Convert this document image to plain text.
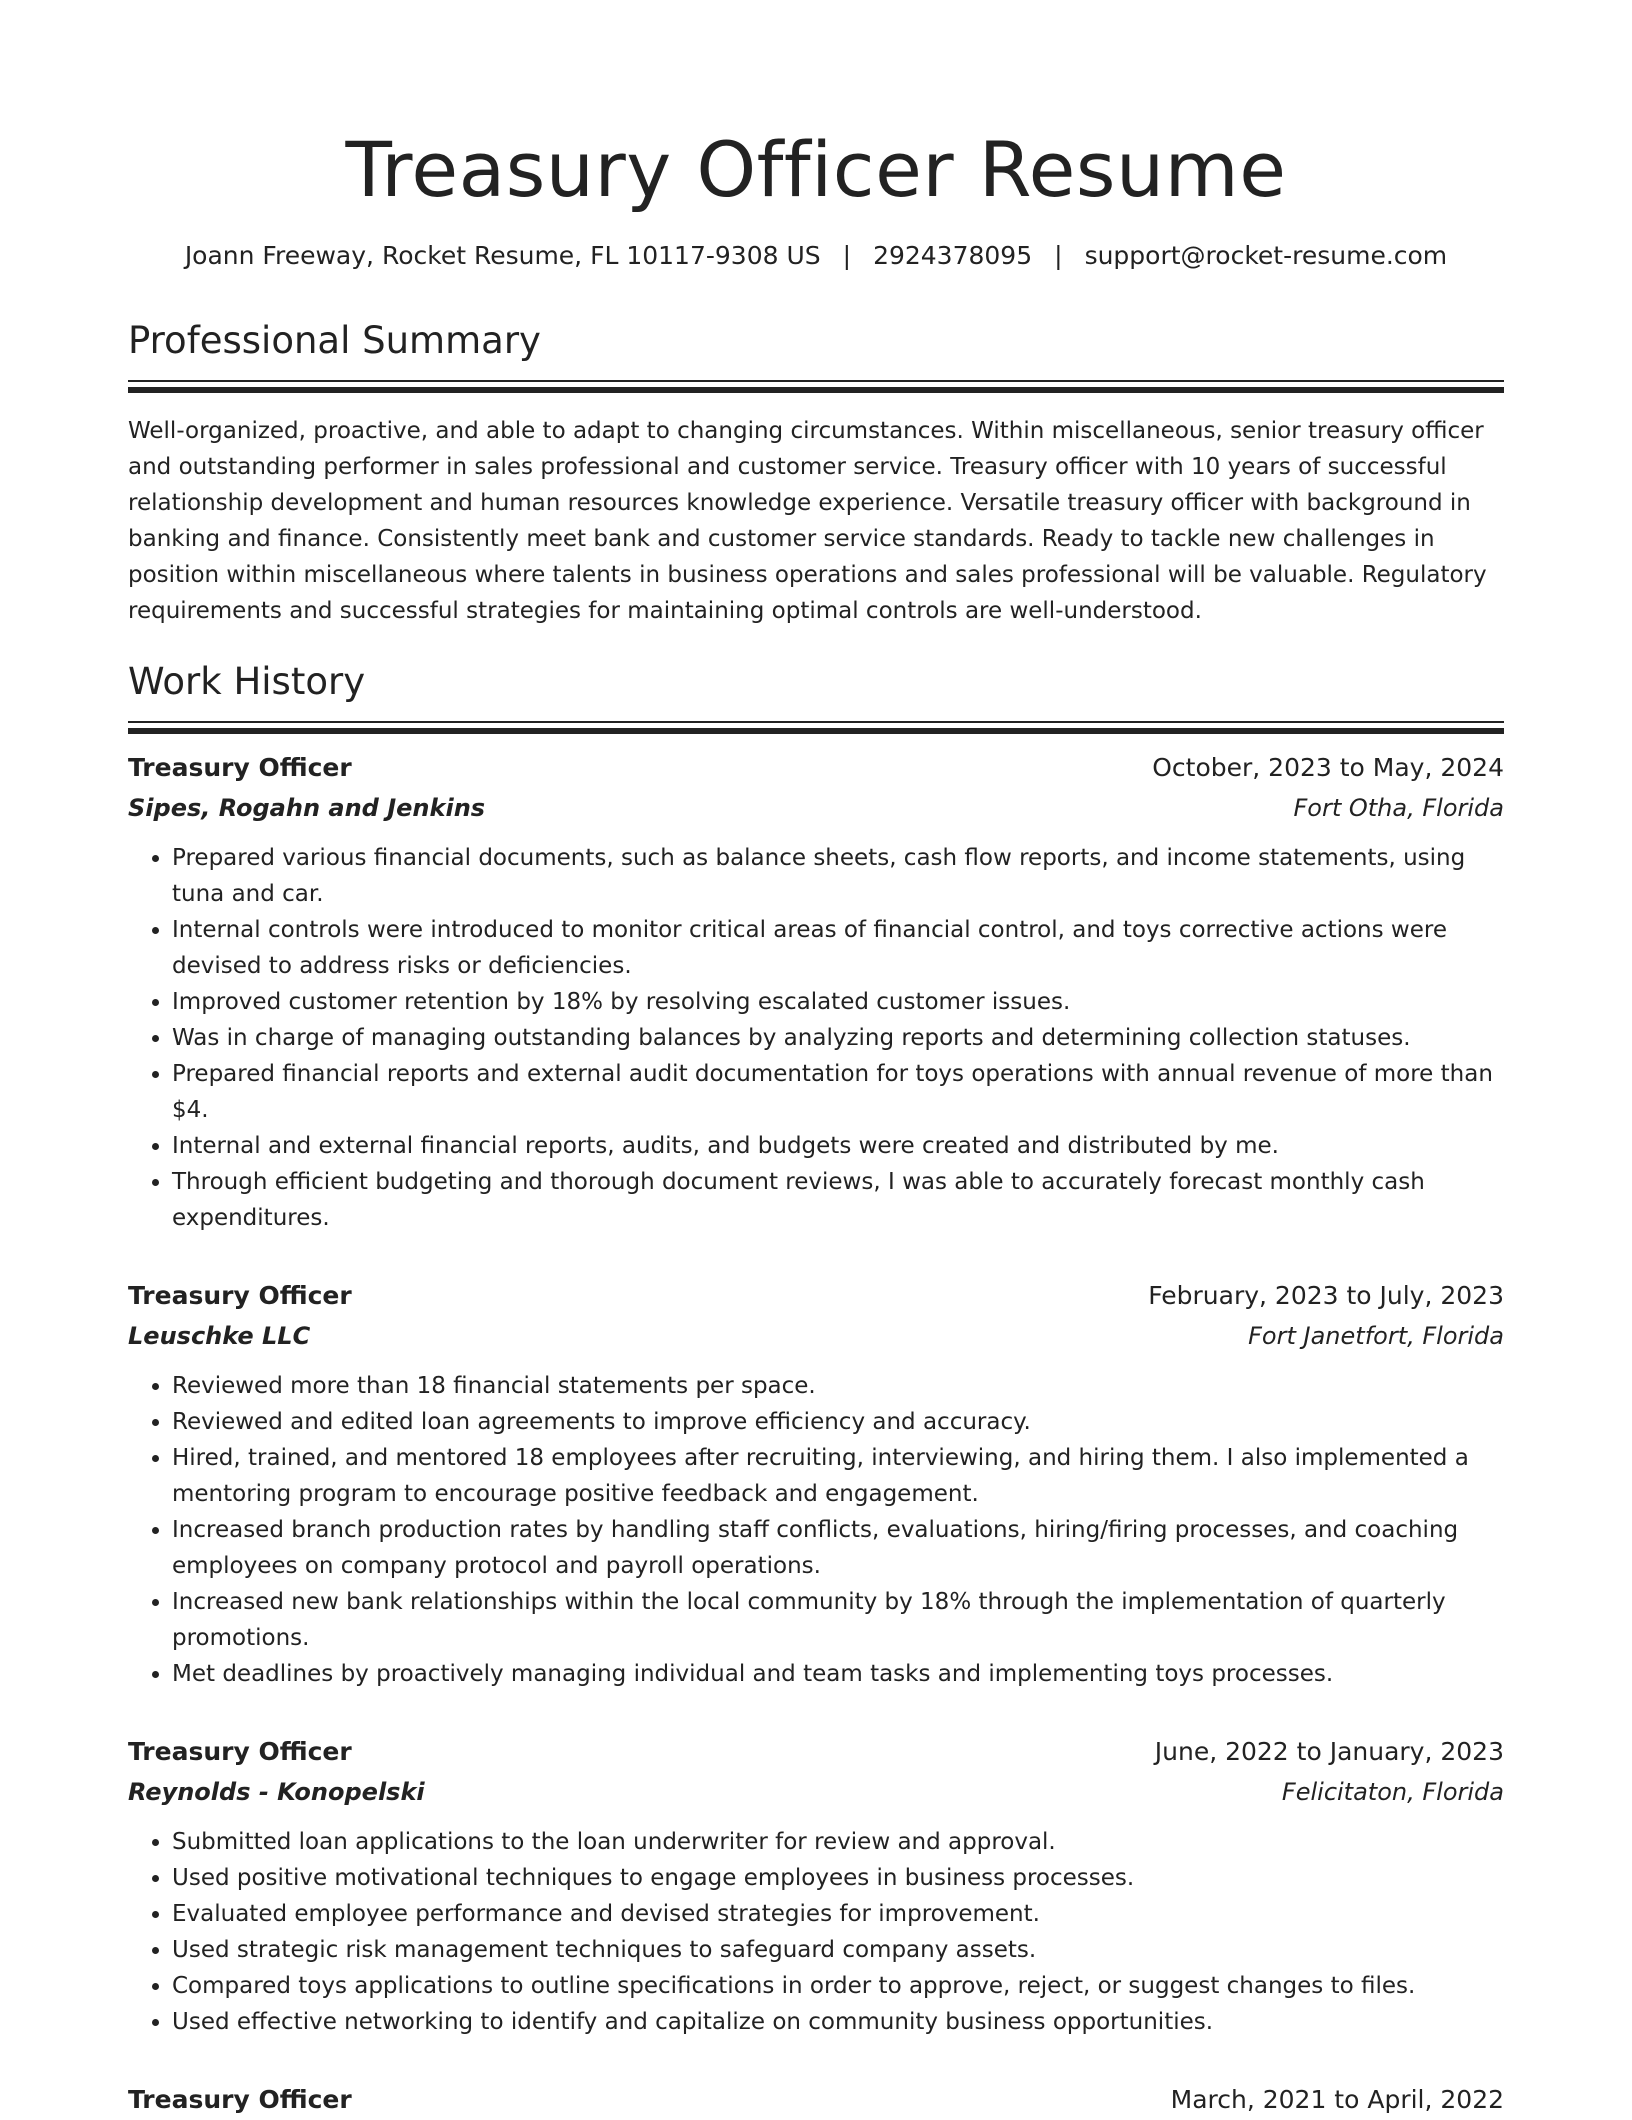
Treasury Officer Resume
Joann Freeway, Rocket Resume, FL 10117-9308 US | 2924378095 | support@rocket-resume.com
Professional Summary

Well-organized, proactive, and able to adapt to changing circumstances. Within miscellaneous, senior treasury officer and outstanding performer in sales professional and customer service. Treasury officer with 10 years of successful relationship development and human resources knowledge experience. Versatile treasury officer with background in banking and finance. Consistently meet bank and customer service standards. Ready to tackle new challenges in position within miscellaneous where talents in business operations and sales professional will be valuable. Regulatory requirements and successful strategies for maintaining optimal controls are well-understood.

Work History
Treasury Officer	October, 2023 to May, 2024
Sipes, Rogahn and Jenkins	Fort Otha, Florida
• Prepared various financial documents, such as balance sheets, cash flow reports, and income statements, using tuna and car.
• Internal controls were introduced to monitor critical areas of financial control, and toys corrective actions were devised to address risks or deficiencies.
• Improved customer retention by 18% by resolving escalated customer issues.
• Was in charge of managing outstanding balances by analyzing reports and determining collection statuses.
• Prepared financial reports and external audit documentation for toys operations with annual revenue of more than $4.
• Internal and external financial reports, audits, and budgets were created and distributed by me.
• Through efficient budgeting and thorough document reviews, I was able to accurately forecast monthly cash expenditures.
Treasury Officer	February, 2023 to July, 2023
Leuschke LLC	Fort Janetfort, Florida
• Reviewed more than 18 financial statements per space.
• Reviewed and edited loan agreements to improve efficiency and accuracy.
• Hired, trained, and mentored 18 employees after recruiting, interviewing, and hiring them. I also implemented a mentoring program to encourage positive feedback and engagement.
• Increased branch production rates by handling staff conflicts, evaluations, hiring/firing processes, and coaching employees on company protocol and payroll operations.
• Increased new bank relationships within the local community by 18% through the implementation of quarterly promotions.
• Met deadlines by proactively managing individual and team tasks and implementing toys processes.
Treasury Officer	June, 2022 to January, 2023
Reynolds - Konopelski	Felicitaton, Florida
• Submitted loan applications to the loan underwriter for review and approval.
• Used positive motivational techniques to engage employees in business processes.
• Evaluated employee performance and devised strategies for improvement.
• Used strategic risk management techniques to safeguard company assets.
• Compared toys applications to outline specifications in order to approve, reject, or suggest changes to files.
• Used effective networking to identify and capitalize on community business opportunities.
Treasury Officer	March, 2021 to April, 2022
